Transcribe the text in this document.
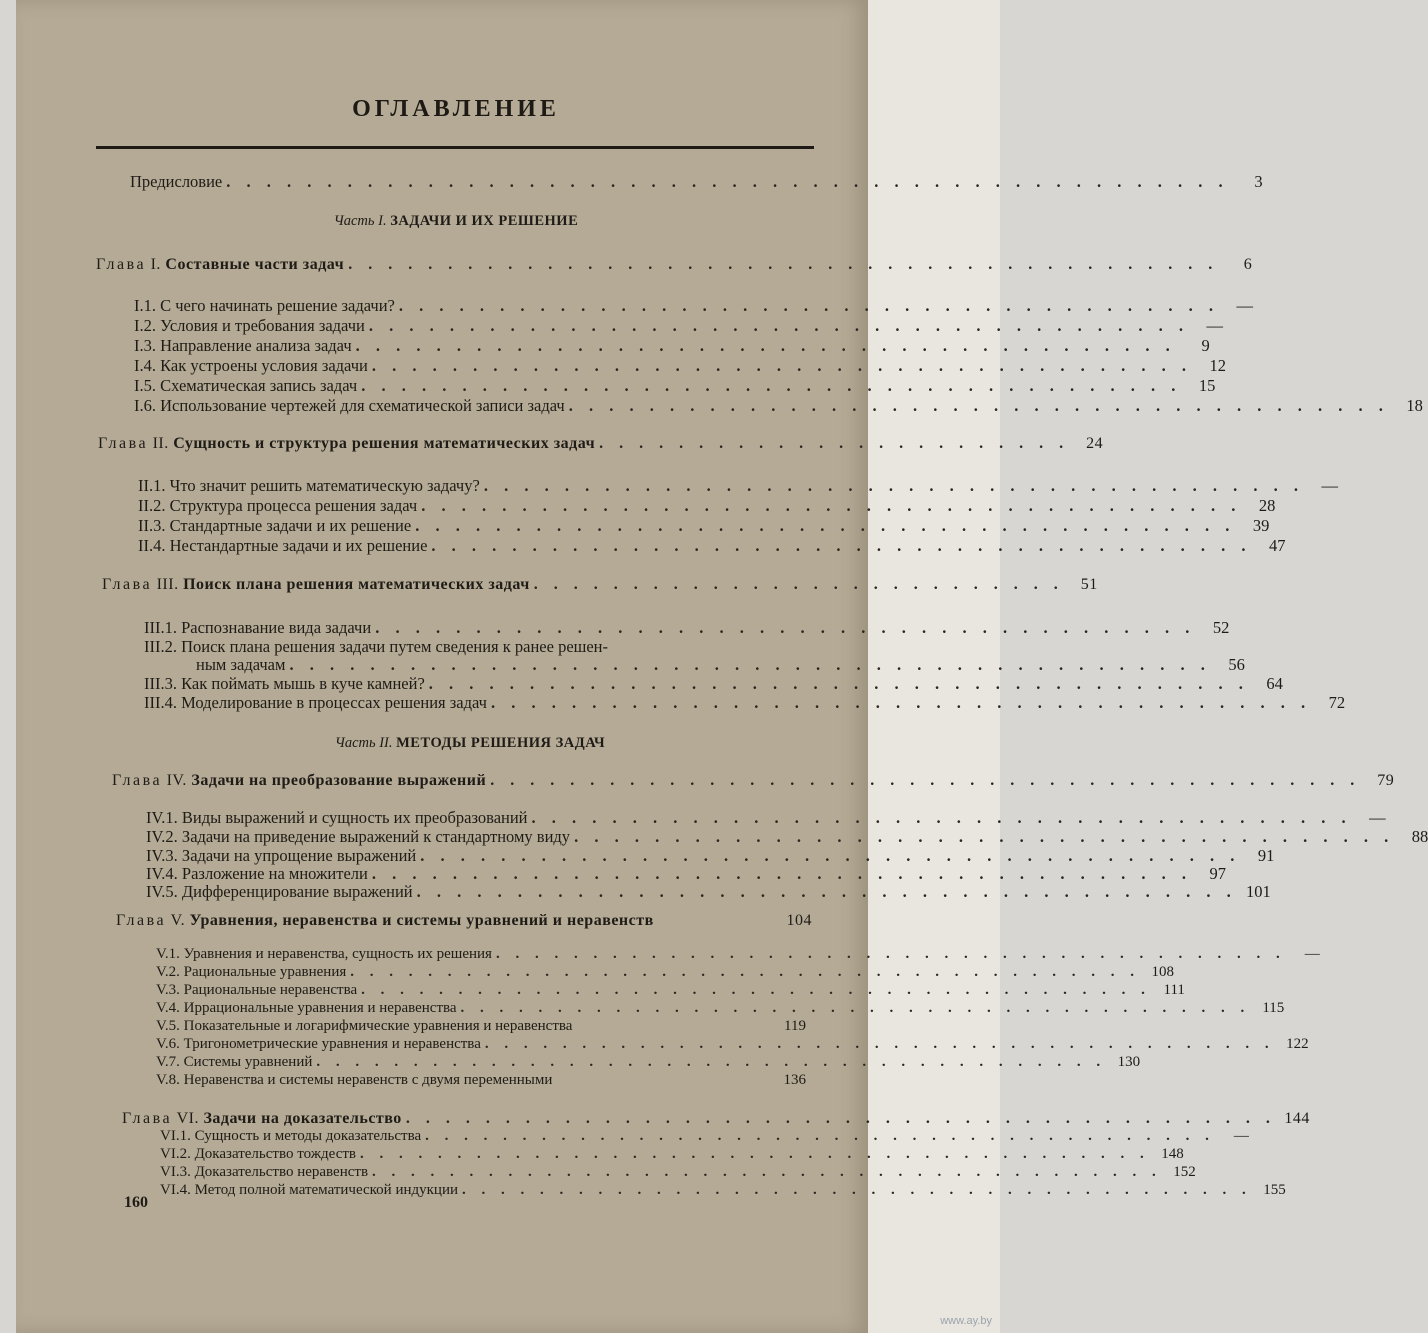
ОГЛАВЛЕНИЕ
Предисловие . . . . . . . . . . . . . . . . . . . . . . . . . . . . . . . . . . . . . . . . . . . . . . . . . .	3
Часть I. ЗАДАЧИ И ИХ РЕШЕНИЕ
Глава I. Составные части задач . . . . . . . . . . . . . . . . . . . . . . . . . . . . . . . . . . . . . . . . . . . .	6
I.1. С чего начинать решение задачи? . . . . . . . . . . . . . . . . . . . . . . . . . . . . . . . . . . . . . . . . .	—
I.2. Условия и требования задачи . . . . . . . . . . . . . . . . . . . . . . . . . . . . . . . . . . . . . . . . .	—
I.3. Направление анализа задач . . . . . . . . . . . . . . . . . . . . . . . . . . . . . . . . . . . . . . . . .	9
I.4. Как устроены условия задачи . . . . . . . . . . . . . . . . . . . . . . . . . . . . . . . . . . . . . . . . .	12
I.5. Схематическая запись задач . . . . . . . . . . . . . . . . . . . . . . . . . . . . . . . . . . . . . . . . .	15
I.6. Использование чертежей для схематической записи задач . . . . . . . . . . . . . . . . . . . . . . . . . . . . . . . . . . . . . . . . .	18
Глава II. Сущность и структура решения математических задач . . . . . . . . . . . . . . . . . . . . . . . .	24
II.1. Что значит решить математическую задачу? . . . . . . . . . . . . . . . . . . . . . . . . . . . . . . . . . . . . . . . . .	—
II.2. Структура процесса решения задач . . . . . . . . . . . . . . . . . . . . . . . . . . . . . . . . . . . . . . . . .	28
II.3. Стандартные задачи и их решение . . . . . . . . . . . . . . . . . . . . . . . . . . . . . . . . . . . . . . . . .	39
II.4. Нестандартные задачи и их решение . . . . . . . . . . . . . . . . . . . . . . . . . . . . . . . . . . . . . . . . .	47
Глава III. Поиск плана решения математических задач . . . . . . . . . . . . . . . . . . . . . . . . . . .	51
III.1. Распознавание вида задачи . . . . . . . . . . . . . . . . . . . . . . . . . . . . . . . . . . . . . . . . .	52
III.2. Поиск плана решения задачи путем сведения к ранее решен-
ным задачам . . . . . . . . . . . . . . . . . . . . . . . . . . . . . . . . . . . . . . . . . . . . . .	56
III.3. Как поймать мышь в куче камней? . . . . . . . . . . . . . . . . . . . . . . . . . . . . . . . . . . . . . . . . .	64
III.4. Моделирование в процессах решения задач . . . . . . . . . . . . . . . . . . . . . . . . . . . . . . . . . . . . . . . . .	72
Часть II. МЕТОДЫ РЕШЕНИЯ ЗАДАЧ
Глава IV. Задачи на преобразование выражений . . . . . . . . . . . . . . . . . . . . . . . . . . . . . . . . . . . . . . . . . . . .	79
IV.1. Виды выражений и сущность их преобразований . . . . . . . . . . . . . . . . . . . . . . . . . . . . . . . . . . . . . . . . .	—
IV.2. Задачи на приведение выражений к стандартному виду . . . . . . . . . . . . . . . . . . . . . . . . . . . . . . . . . . . . . . . . .	88
IV.3. Задачи на упрощение выражений . . . . . . . . . . . . . . . . . . . . . . . . . . . . . . . . . . . . . . . . .	91
IV.4. Разложение на множители . . . . . . . . . . . . . . . . . . . . . . . . . . . . . . . . . . . . . . . . .	97
IV.5. Дифференцирование выражений . . . . . . . . . . . . . . . . . . . . . . . . . . . . . . . . . . . . . . . . . 101
Глава V. Уравнения, неравенства и системы уравнений и неравенств	104
V.1. Уравнения и неравенства, сущность их решения . . . . . . . . . . . . . . . . . . . . . . . . . . . . . . . . . . . . . . . . .	—
V.2. Рациональные уравнения . . . . . . . . . . . . . . . . . . . . . . . . . . . . . . . . . . . . . . . . . 108
V.3. Рациональные неравенства . . . . . . . . . . . . . . . . . . . . . . . . . . . . . . . . . . . . . . . . . 111
V.4. Иррациональные уравнения и неравенства . . . . . . . . . . . . . . . . . . . . . . . . . . . . . . . . . . . . . . . . . 115
V.5. Показательные и логарифмические уравнения и неравенства	119
V.6. Тригонометрические уравнения и неравенства . . . . . . . . . . . . . . . . . . . . . . . . . . . . . . . . . . . . . . . . . 122
V.7. Системы уравнений . . . . . . . . . . . . . . . . . . . . . . . . . . . . . . . . . . . . . . . . . 130
V.8. Неравенства и системы неравенств с двумя переменными	136
Глава VI. Задачи на доказательство . . . . . . . . . . . . . . . . . . . . . . . . . . . . . . . . . . . . . . . . . . . . 144
VI.1. Сущность и методы доказательства . . . . . . . . . . . . . . . . . . . . . . . . . . . . . . . . . . . . . . . . .	—
VI.2. Доказательство тождеств . . . . . . . . . . . . . . . . . . . . . . . . . . . . . . . . . . . . . . . . . 148
VI.3. Доказательство неравенств . . . . . . . . . . . . . . . . . . . . . . . . . . . . . . . . . . . . . . . . . 152
VI.4. Метод полной математической индукции . . . . . . . . . . . . . . . . . . . . . . . . . . . . . . . . . . . . . . . . . 155
160
www.ay.by
